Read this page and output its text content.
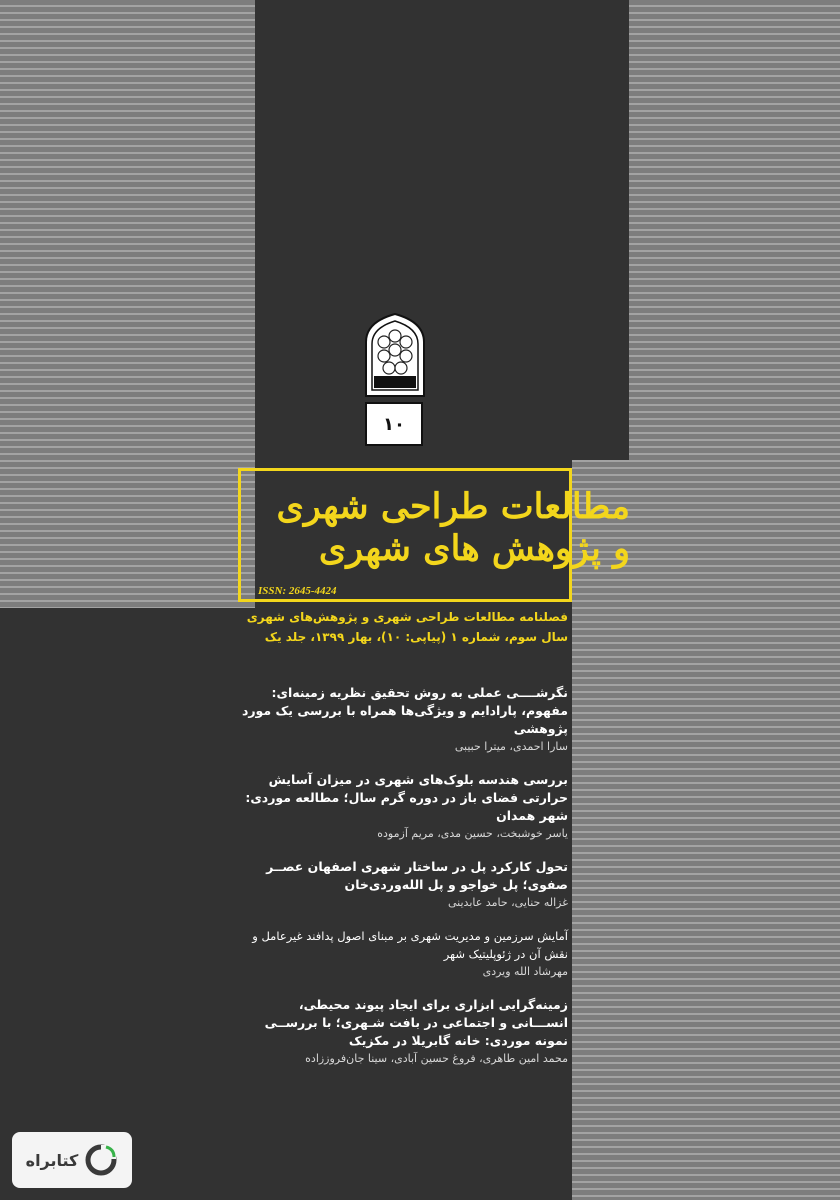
۱۰
مطالعات طراحی شهری
و پژوهش های شهری
ISSN: 2645-4424
فصلنامه مطالعات طراحی شهری و پژوهش‌های شهری
سال سوم، شماره ۱ (پیاپی: ۱۰)، بهار ۱۳۹۹، جلد یک
نگرشــــی عملی به روش تحقیق نظریه زمینه‌ای: مفهوم، پارادایم و ویژگی‌ها همراه با بررسی یک مورد پژوهشی
سارا احمدی، میترا حبیبی
بررسی هندسه بلوک‌های شهری در میزان آسایش حرارتی فضای باز در دوره گرم سال؛ مطالعه موردی: شهر همدان
یاسر خوشبخت، حسین مدی، مریم آزموده
تحول کارکرد پل در ساختار شهری اصفهان عصــر صفوی؛ پل خواجو و پل الله‌وردی‌خان
غزاله حنایی، حامد عابدینی
آمایش سرزمین و مدیریت شهری بر مبنای اصول پدافند غیرعامل و نقش آن در ژئوپلیتیک شهر
مهرشاد الله ویردی
زمینه‌گرایی ابزاری برای ایجاد پیوند محیطی، انســـانی و اجتماعی در بافت شـهری؛ با بررســی نمونه موردی: خانه گابریلا در مکزیک
محمد امین طاهری، فروغ حسین آبادی، سینا جان‌فروززاده
کتابراه
